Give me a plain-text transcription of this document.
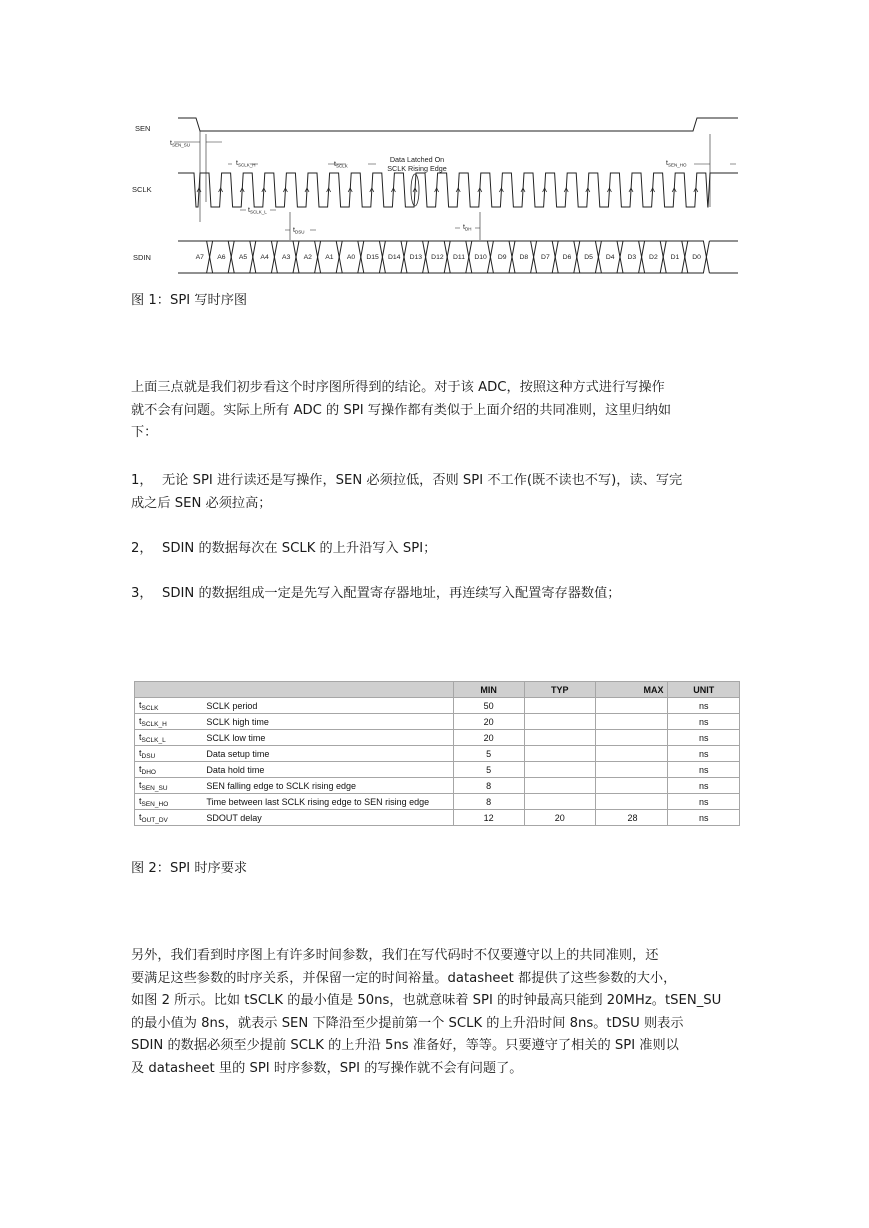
SEN
SCLK
SDIN
Data Latched On
SCLK Rising Edge
$t_{SEN\_SU}$
$t_{SCLK\_H}$	$t_{SCLK}$
$t_{SCLK\_L}$
$t_{DSU}$
$t_{DH}$
$t_{SEN\_HO}$
A7 A6 A5 A4 A3 A2 A1 A0 D15 D14 D13 D12 D11 D10 D9 D8 D7 D6 D5 D4 D3 D2 D1 D0
图 1：SPI 写时序图
上面三点就是我们初步看这个时序图所得到的结论。对于该 ADC，按照这种方式进行写操作
就不会有问题。实际上所有 ADC 的 SPI 写操作都有类似于上面介绍的共同准则，这里归纳如
下：
1， 无论 SPI 进行读还是写操作，SEN 必须拉低，否则 SPI 不工作(既不读也不写)，读、写完
成之后 SEN 必须拉高；
2， SDIN 的数据每次在 SCLK 的上升沿写入 SPI；
3， SDIN 的数据组成一定是先写入配置寄存器地址，再连续写入配置寄存器数值；
		MIN	TYP	MAX	UNIT
$t_{SCLK}$	SCLK period	50			ns
$t_{SCLK\_H}$	SCLK high time	20			ns
$t_{SCLK\_L}$	SCLK low time	20			ns
$t_{DSU}$	Data setup time	5			ns
$t_{DHO}$	Data hold time	5			ns
$t_{SEN\_SU}$	SEN falling edge to SCLK rising edge	8			ns
$t_{SEN\_HO}$	Time between last SCLK rising edge to SEN rising edge	8			ns
$t_{OUT\_DV}$	SDOUT delay	12	20	28	ns
图 2：SPI 时序要求
另外，我们看到时序图上有许多时间参数，我们在写代码时不仅要遵守以上的共同准则，还
要满足这些参数的时序关系，并保留一定的时间裕量。datasheet 都提供了这些参数的大小，
如图 2 所示。比如 tSCLK 的最小值是 50ns，也就意味着 SPI 的时钟最高只能到 20MHz。tSEN_SU
的最小值为 8ns，就表示 SEN 下降沿至少提前第一个 SCLK 的上升沿时间 8ns。tDSU 则表示
SDIN 的数据必须至少提前 SCLK 的上升沿 5ns 准备好，等等。只要遵守了相关的 SPI 准则以
及 datasheet 里的 SPI 时序参数，SPI 的写操作就不会有问题了。
